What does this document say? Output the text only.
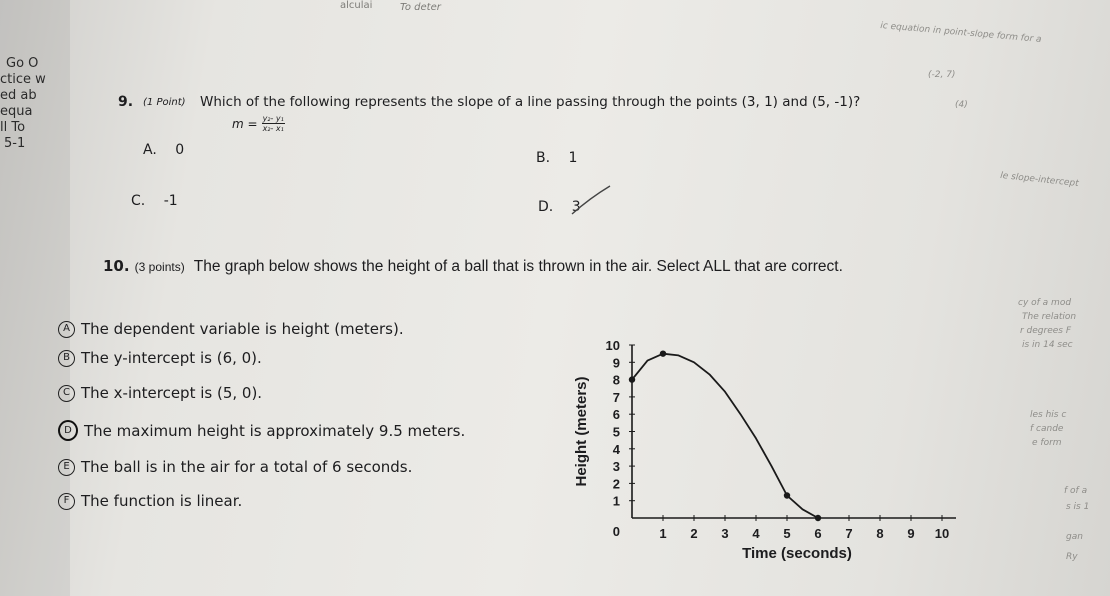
alculai	To deter
ic equation in point-slope form for a
(-2, 7)
(4)
le slope-intercept
Go O
ctice w
ed ab
equa
ll To
5-1
cy of a mod
The relation
r degrees F
is in 14 sec
les his c
f cande
e form
f of a
s is 1
gan
Ry
9. (1 Point) Which of the following represents the slope of a line passing through the points (3, 1) and (5, -1)?
$m = \frac{\text{y₂- y₁}}{\text{x₂- x₁}}$
A. 0	B. 1
C. -1	D. 3
10. (3 points) The graph below shows the height of a ball that is thrown in the air. Select ALL that are correct.
A The dependent variable is height (meters).
B The y-intercept is (6, 0).
C The x-intercept is (5, 0).
D The maximum height is approximately 9.5 meters.
E The ball is in the air for a total of 6 seconds.
F The function is linear.
1 2 3 4 5 6 7 8 9 10
1
2
3
4
5
6
7
8
9
10
0
Time (seconds)
Height (meters)
